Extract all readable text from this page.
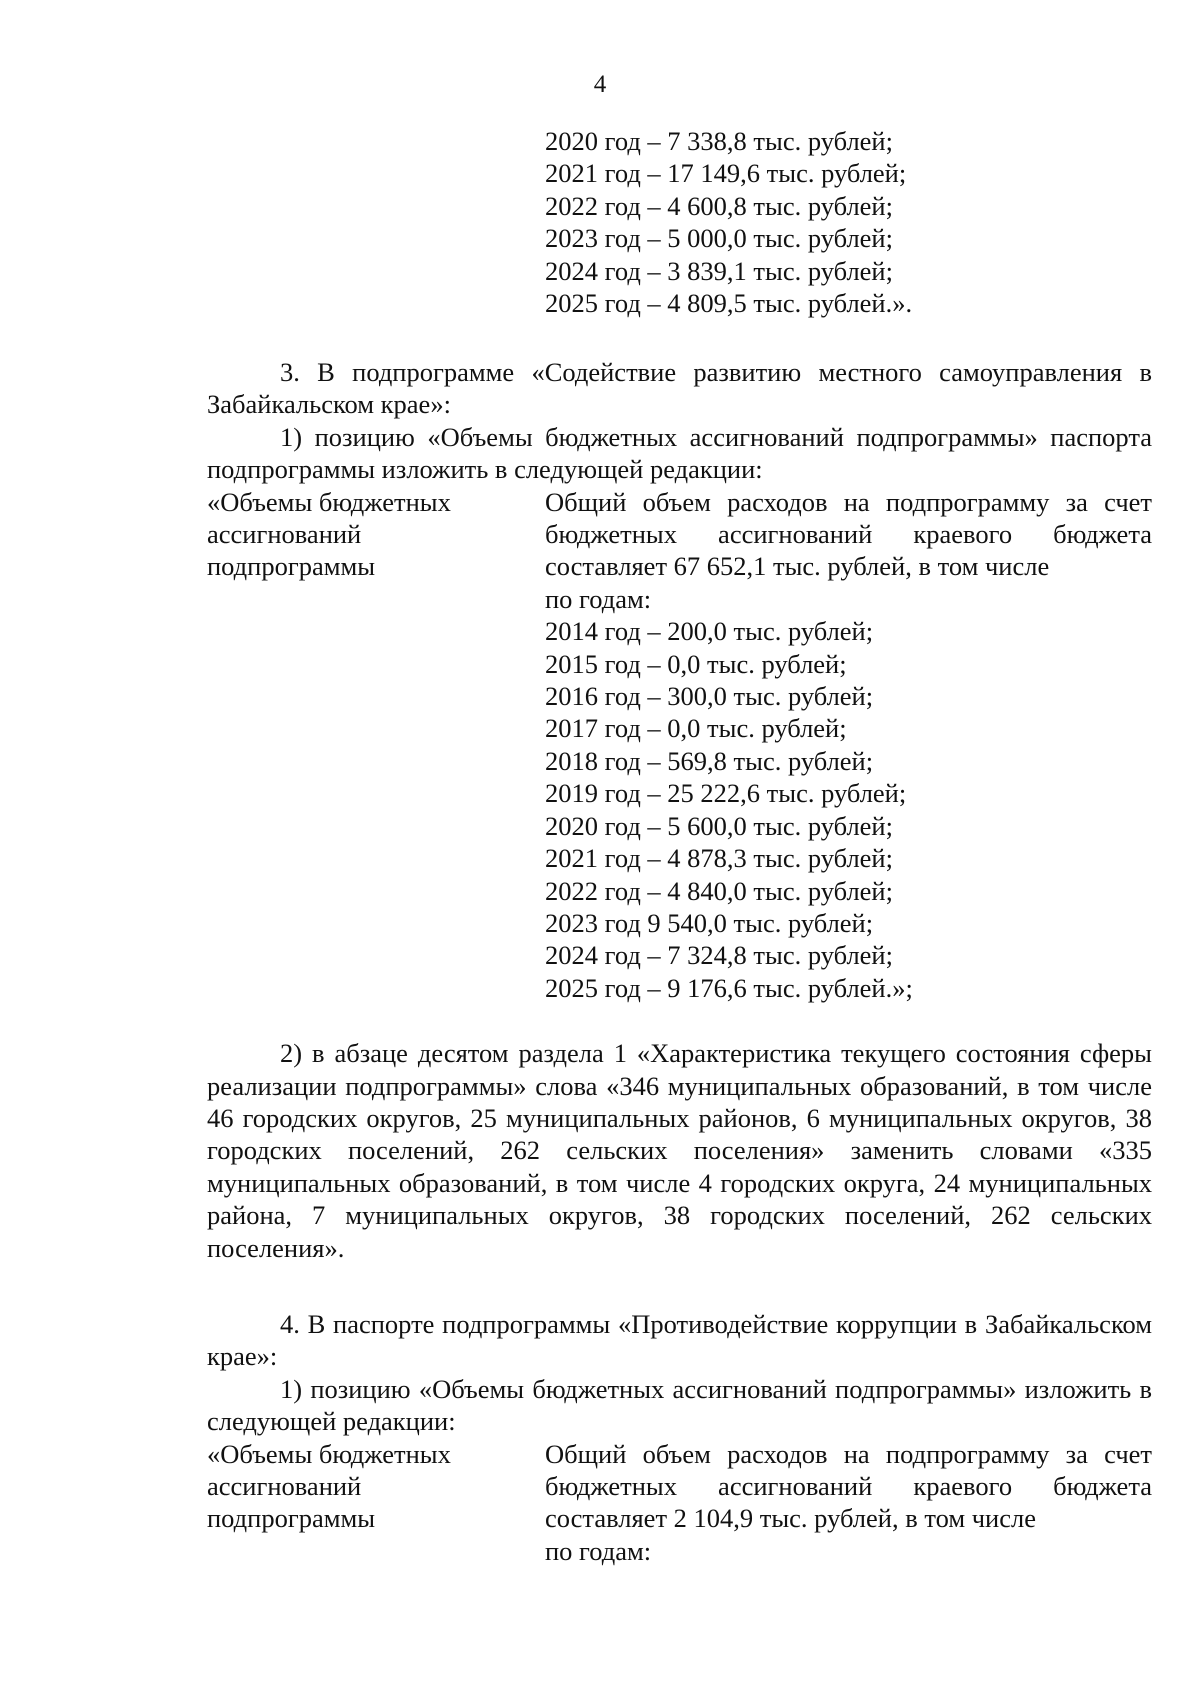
4
2020 год – 7 338,8 тыс. рублей;
2021 год – 17 149,6 тыс. рублей;
2022 год – 4 600,8 тыс. рублей;
2023 год – 5 000,0 тыс. рублей;
2024 год – 3 839,1 тыс. рублей;
2025 год – 4 809,5 тыс. рублей.».

3. В подпрограмме «Содействие развитию местного самоуправления в Забайкальском крае»:

1) позицию «Объемы бюджетных ассигнований подпрограммы» паспорта подпрограммы изложить в следующей редакции:

«Объемы бюджетных
ассигнований
подпрограммы
Общий объем расходов на подпрограмму за счет бюджетных ассигнований краевого бюджета составляет 67 652,1 тыс. рублей, в том числе
по годам:
2014 год – 200,0 тыс. рублей;
2015 год – 0,0 тыс. рублей;
2016 год – 300,0 тыс. рублей;
2017 год – 0,0 тыс. рублей;
2018 год – 569,8 тыс. рублей;
2019 год – 25 222,6 тыс. рублей;
2020 год – 5 600,0 тыс. рублей;
2021 год – 4 878,3 тыс. рублей;
2022 год – 4 840,0 тыс. рублей;
2023 год 9 540,0 тыс. рублей;
2024 год – 7 324,8 тыс. рублей;
2025 год – 9 176,6 тыс. рублей.»;

2) в абзаце десятом раздела 1 «Характеристика текущего состояния сферы реализации подпрограммы» слова «346 муниципальных образований, в том числе 46 городских округов, 25 муниципальных районов, 6 муниципальных округов, 38 городских поселений, 262 сельских поселения» заменить словами «335 муниципальных образований, в том числе 4 городских округа, 24 муниципальных района, 7 муниципальных округов, 38 городских поселений, 262 сельских поселения».

4. В паспорте подпрограммы «Противодействие коррупции в Забайкальском крае»:

1) позицию «Объемы бюджетных ассигнований подпрограммы» изложить в следующей редакции:

«Объемы бюджетных
ассигнований
подпрограммы
Общий объем расходов на подпрограмму за счет бюджетных ассигнований краевого бюджета составляет 2 104,9 тыс. рублей, в том числе
по годам:
